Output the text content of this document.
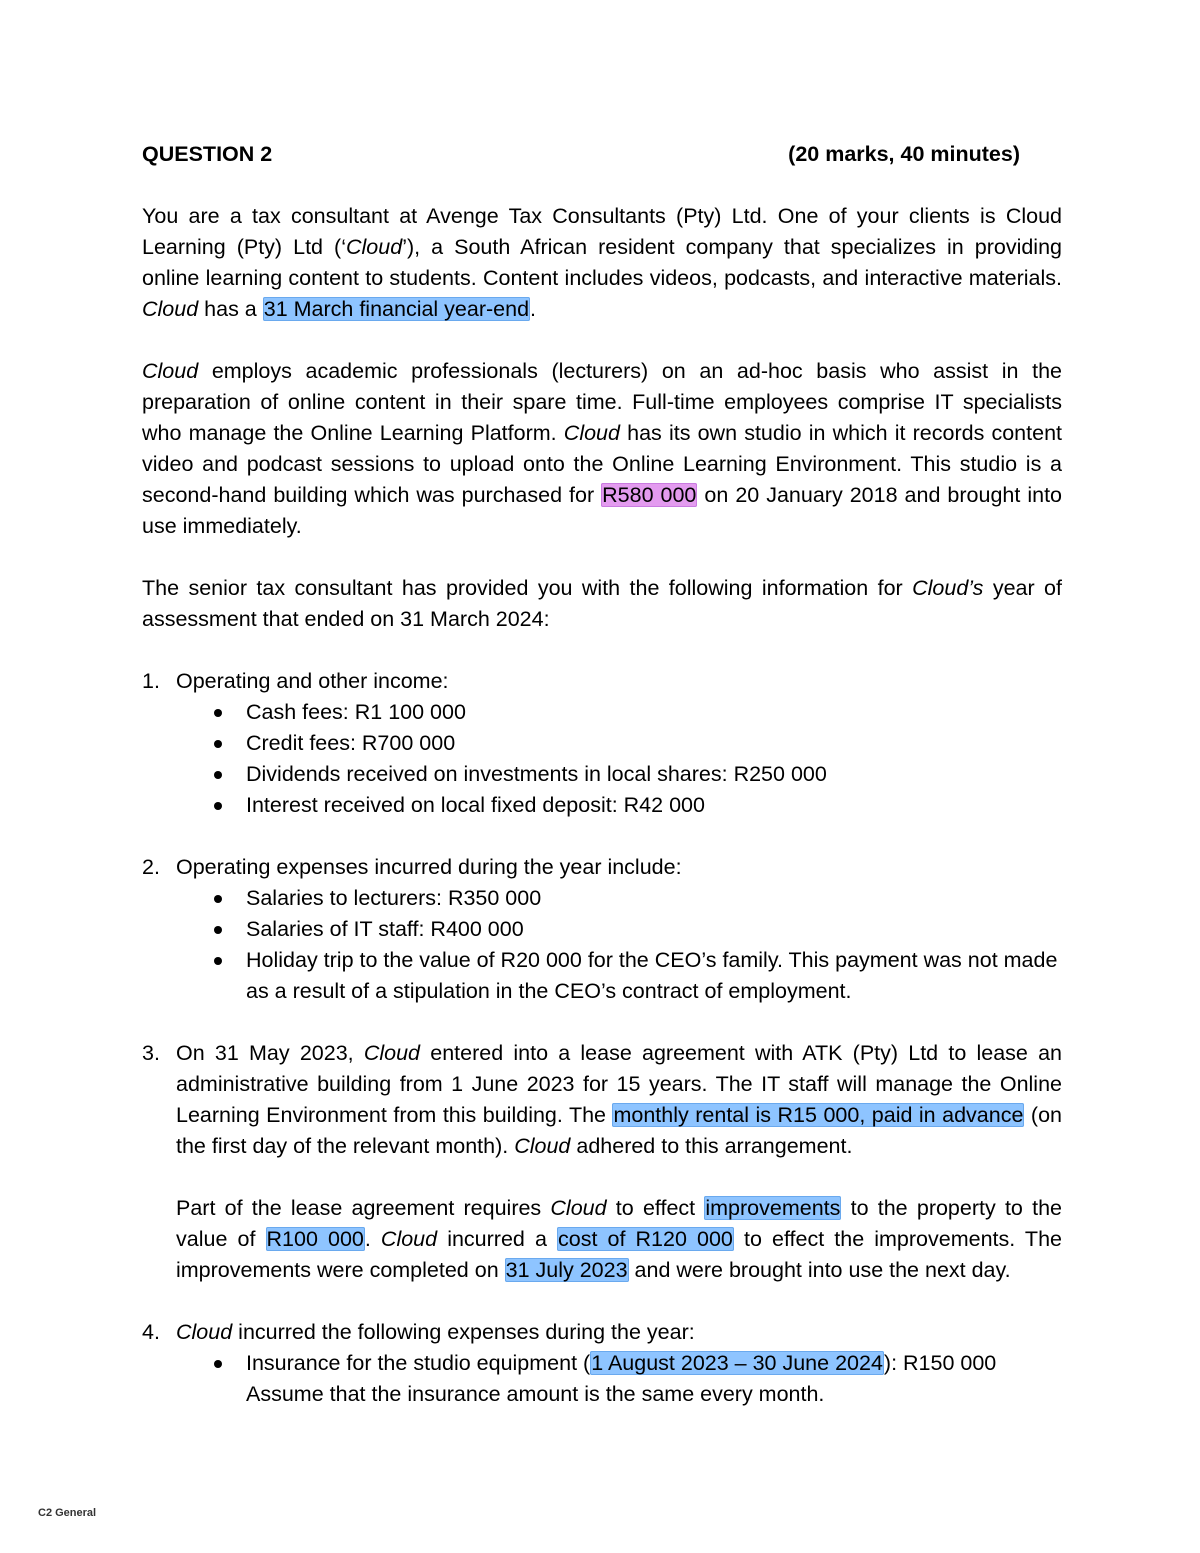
QUESTION 2	(20 marks, 40 minutes)

You are a tax consultant at Avenge Tax Consultants (Pty) Ltd. One of your clients is Cloud Learning (Pty) Ltd (‘Cloud’), a South African resident company that specializes in providing online learning content to students. Content includes videos, podcasts, and interactive materials. Cloud has a 31 March financial year-end.

Cloud employs academic professionals (lecturers) on an ad-hoc basis who assist in the preparation of online content in their spare time. Full-time employees comprise IT specialists who manage the Online Learning Platform. Cloud has its own studio in which it records content video and podcast sessions to upload onto the Online Learning Environment. This studio is a second-hand building which was purchased for R580 000 on 20 January 2018 and brought into use immediately.

The senior tax consultant has provided you with the following information for Cloud’s year of assessment that ended on 31 March 2024:

1. Operating and other income:
Cash fees: R1 100 000
Credit fees: R700 000
Dividends received on investments in local shares: R250 000
Interest received on local fixed deposit: R42 000
2. Operating expenses incurred during the year include:
Salaries to lecturers: R350 000
Salaries of IT staff: R400 000
Holiday trip to the value of R20 000 for the CEO’s family. This payment was not made as a result of a stipulation in the CEO’s contract of employment.
3. On 31 May 2023, Cloud entered into a lease agreement with ATK (Pty) Ltd to lease an administrative building from 1 June 2023 for 15 years. The IT staff will manage the Online Learning Environment from this building. The monthly rental is R15 000, paid in advance (on the first day of the relevant month). Cloud adhered to this arrangement.
Part of the lease agreement requires Cloud to effect improvements to the property to the value of R100 000. Cloud incurred a cost of R120 000 to effect the improvements. The improvements were completed on 31 July 2023 and were brought into use the next day.
4. Cloud incurred the following expenses during the year:
Insurance for the studio equipment (1 August 2023 – 30 June 2024): R150 000 Assume that the insurance amount is the same every month.
C2 General
